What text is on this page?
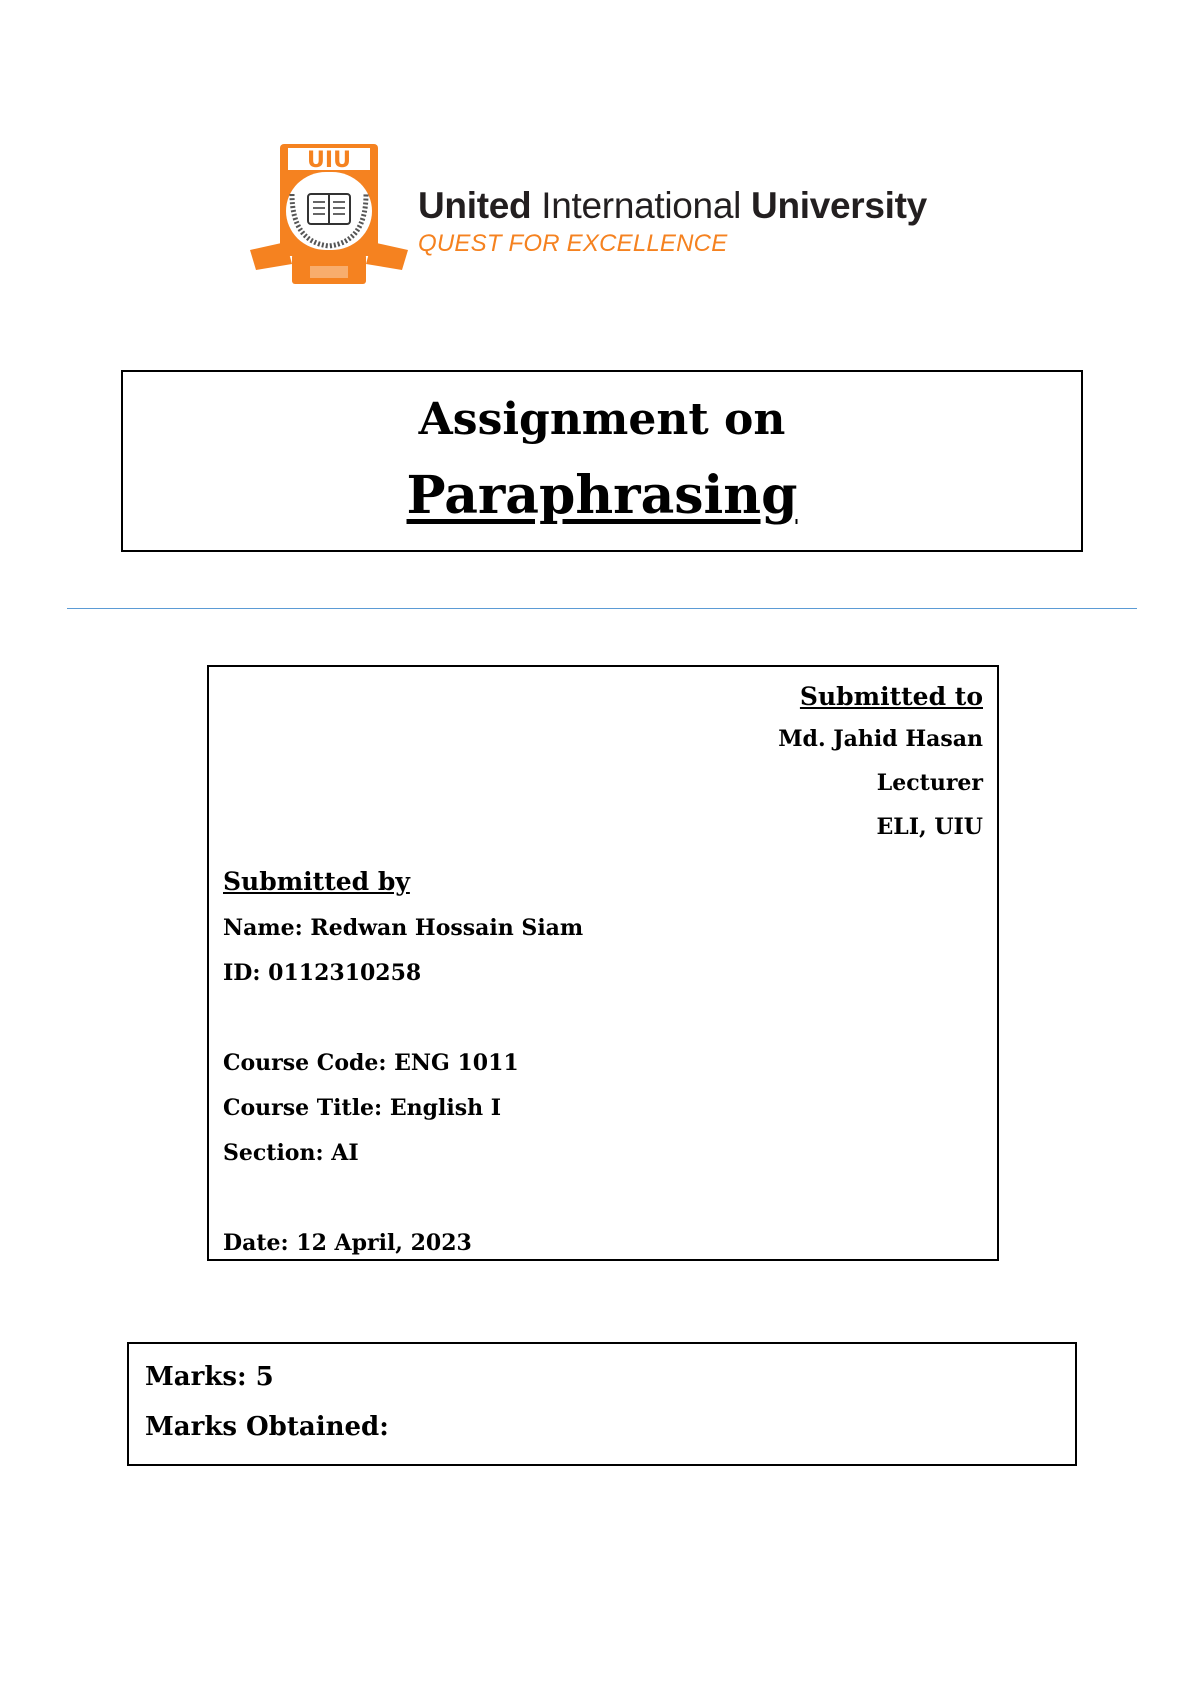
UIU
United International University
QUEST FOR EXCELLENCE
Assignment on
Paraphrasing
Submitted to
Md. Jahid Hasan
Lecturer
ELI, UIU
Submitted by
Name: Redwan Hossain Siam
ID: 0112310258
Course Code: ENG 1011
Course Title: English I
Section: AI
Date: 12 April, 2023
Marks: 5
Marks Obtained:
